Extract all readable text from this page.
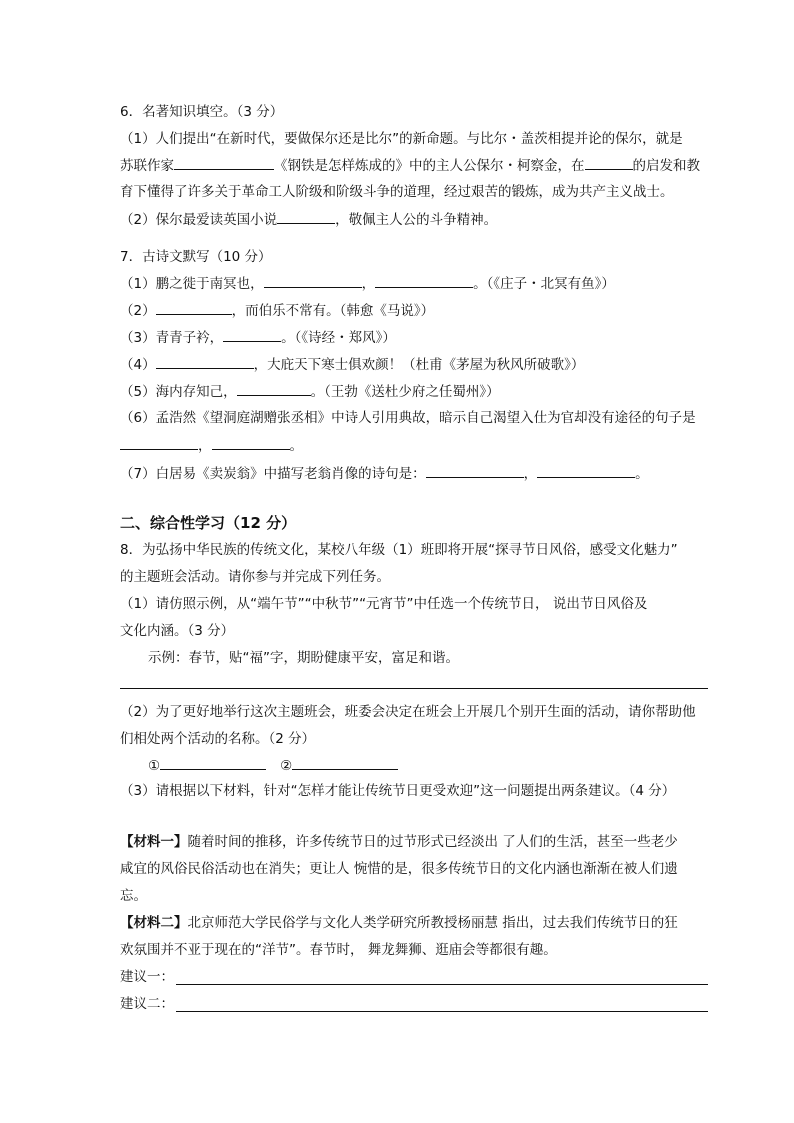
6．名著知识填空。（3 分）
（1）人们提出“在新时代，要做保尔还是比尔”的新命题。与比尔・盖茨相提并论的保尔，就是
苏联作家	《钢铁是怎样炼成的》中的主人公保尔・柯察金，在	的启发和教
育下懂得了许多关于革命工人阶级和阶级斗争的道理，经过艰苦的锻炼，成为共产主义战士。
（2）保尔最爱读英国小说	，敬佩主人公的斗争精神。
7．古诗文默写（10 分）
（1）鹏之徙于南冥也，	，	。（《庄子・北冥有鱼》）
（2）	，而伯乐不常有。（韩愈《马说》）
（3）青青子衿，	。（《诗经・郑风》）
（4）	，大庇天下寒士俱欢颜！（杜甫《茅屋为秋风所破歌》）
（5）海内存知己，	。（王勃《送杜少府之任蜀州》）
（6）孟浩然《望洞庭湖赠张丞相》中诗人引用典故，暗示自己渴望入仕为官却没有途径的句子是
，	。
（7）白居易《卖炭翁》中描写老翁肖像的诗句是：	，	。
二、综合性学习（12 分）
8．为弘扬中华民族的传统文化，某校八年级（1）班即将开展“探寻节日风俗，感受文化魅力”
的主题班会活动。请你参与并完成下列任务。
（1）请仿照示例，从“端午节”“中秋节”“元宵节”中任选一个传统节日， 说出节日风俗及
文化内涵。（3 分）
示例：春节，贴“福”字，期盼健康平安，富足和谐。
（2）为了更好地举行这次主题班会，班委会决定在班会上开展几个别开生面的活动，请你帮助他
们相处两个活动的名称。（2 分）
①	②
（3）请根据以下材料，针对“怎样才能让传统节日更受欢迎”这一问题提出两条建议。（4 分）
【材料一】随着时间的推移，许多传统节日的过节形式已经淡出 了人们的生活，甚至一些老少
咸宜的风俗民俗活动也在消失；更让人 惋惜的是，很多传统节日的文化内涵也渐渐在被人们遗
忘。
【材料二】北京师范大学民俗学与文化人类学研究所教授杨丽慧 指出，过去我们传统节日的狂
欢氛围并不亚于现在的“洋节”。春节时， 舞龙舞狮、逛庙会等都很有趣。
建议一：
建议二：
